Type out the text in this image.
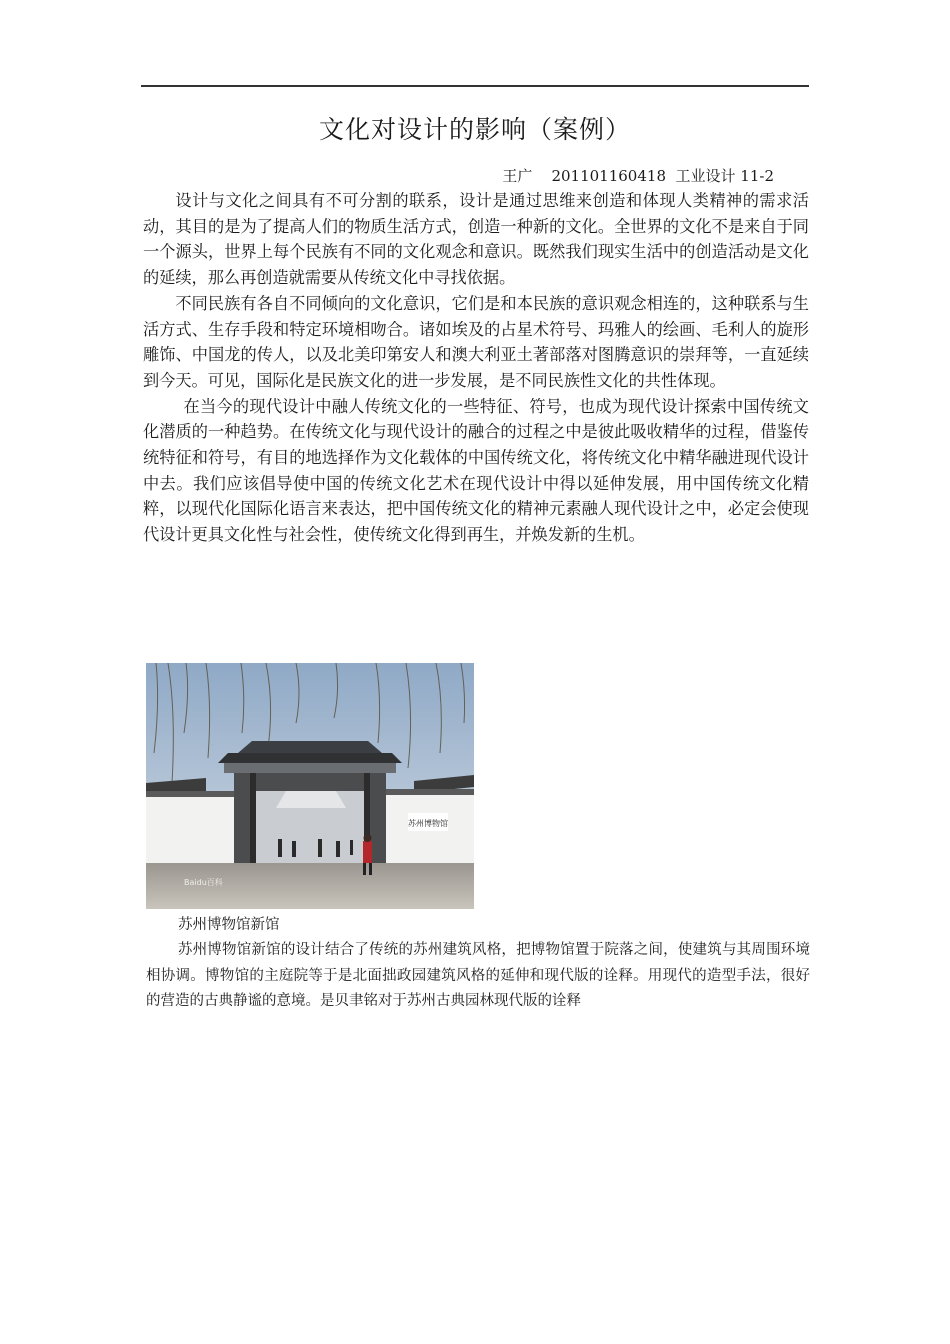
文化对设计的影响（案例）
王广    201101160418  工业设计 11-2

设计与文化之间具有不可分割的联系，设计是通过思维来创造和体现人类精神的需求活动，其目的是为了提高人们的物质生活方式，创造一种新的文化。全世界的文化不是来自于同一个源头，世界上每个民族有不同的文化观念和意识。既然我们现实生活中的创造活动是文化的延续，那么再创造就需要从传统文化中寻找依据。

不同民族有各自不同倾向的文化意识，它们是和本民族的意识观念相连的，这种联系与生活方式、生存手段和特定环境相吻合。诸如埃及的占星术符号、玛雅人的绘画、毛利人的旋形雕饰、中国龙的传人，以及北美印第安人和澳大利亚土著部落对图腾意识的崇拜等，一直延续到今天。可见，国际化是民族文化的进一步发展，是不同民族性文化的共性体现。

在当今的现代设计中融人传统文化的一些特征、符号，也成为现代设计探索中国传统文化潜质的一种趋势。在传统文化与现代设计的融合的过程之中是彼此吸收精华的过程，借鉴传统特征和符号，有目的地选择作为文化载体的中国传统文化，将传统文化中精华融进现代设计中去。我们应该倡导使中国的传统文化艺术在现代设计中得以延伸发展，用中国传统文化精粹，以现代化国际化语言来表达，把中国传统文化的精神元素融人现代设计之中，必定会使现代设计更具文化性与社会性，使传统文化得到再生，并焕发新的生机。

苏州博物馆
Baidu百科
苏州博物馆新馆

苏州博物馆新馆的设计结合了传统的苏州建筑风格，把博物馆置于院落之间，使建筑与其周围环境相协调。博物馆的主庭院等于是北面拙政园建筑风格的延伸和现代版的诠释。用现代的造型手法，很好的营造的古典静谧的意境。是贝聿铭对于苏州古典园林现代版的诠释
